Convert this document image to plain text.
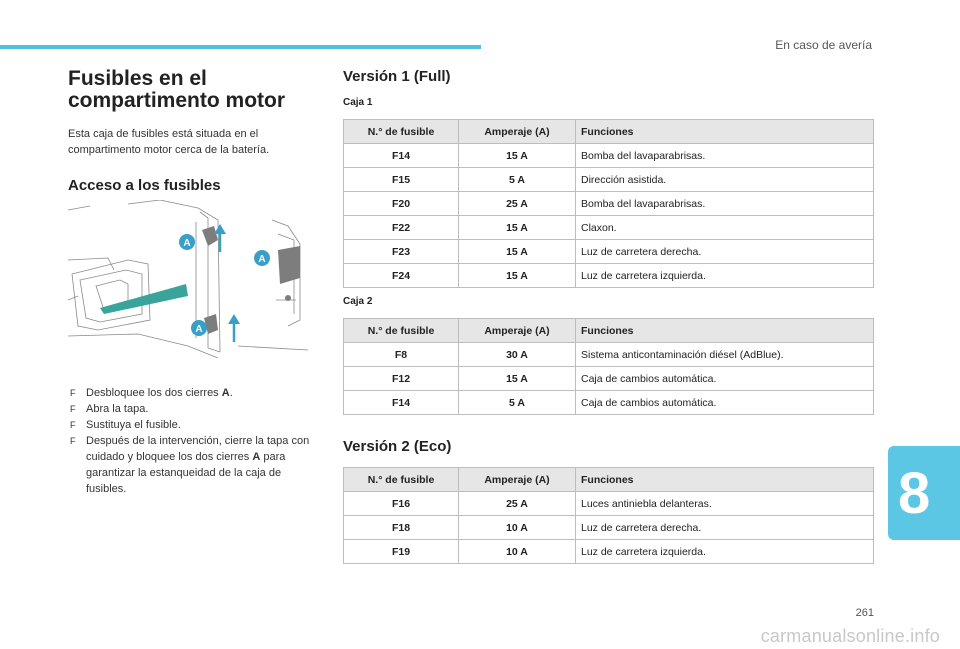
En caso de avería
Fusibles en el
compartimento motor
Esta caja de fusibles está situada en el compartimento motor cerca de la batería.
Acceso a los fusibles
A
A
A
F Desbloquee los dos cierres A.
F Abra la tapa.
F Sustituya el fusible.
F Después de la intervención, cierre la tapa con cuidado y bloquee los dos cierres A para garantizar la estanqueidad de la caja de fusibles.
Versión 1 (Full)
Caja 1
N.° de fusible	Amperaje (A)	Funciones
F14	15 A	Bomba del lavaparabrisas.
F15	5 A	Dirección asistida.
F20	25 A	Bomba del lavaparabrisas.
F22	15 A	Claxon.
F23	15 A	Luz de carretera derecha.
F24	15 A	Luz de carretera izquierda.
Caja 2
N.° de fusible	Amperaje (A)	Funciones
F8	30 A	Sistema anticontaminación diésel (AdBlue).
F12	15 A	Caja de cambios automática.
F14	5 A	Caja de cambios automática.
Versión 2 (Eco)
N.° de fusible	Amperaje (A)	Funciones
F16	25 A	Luces antiniebla delanteras.
F18	10 A	Luz de carretera derecha.
F19	10 A	Luz de carretera izquierda.
8
261
carmanualsonline.info
